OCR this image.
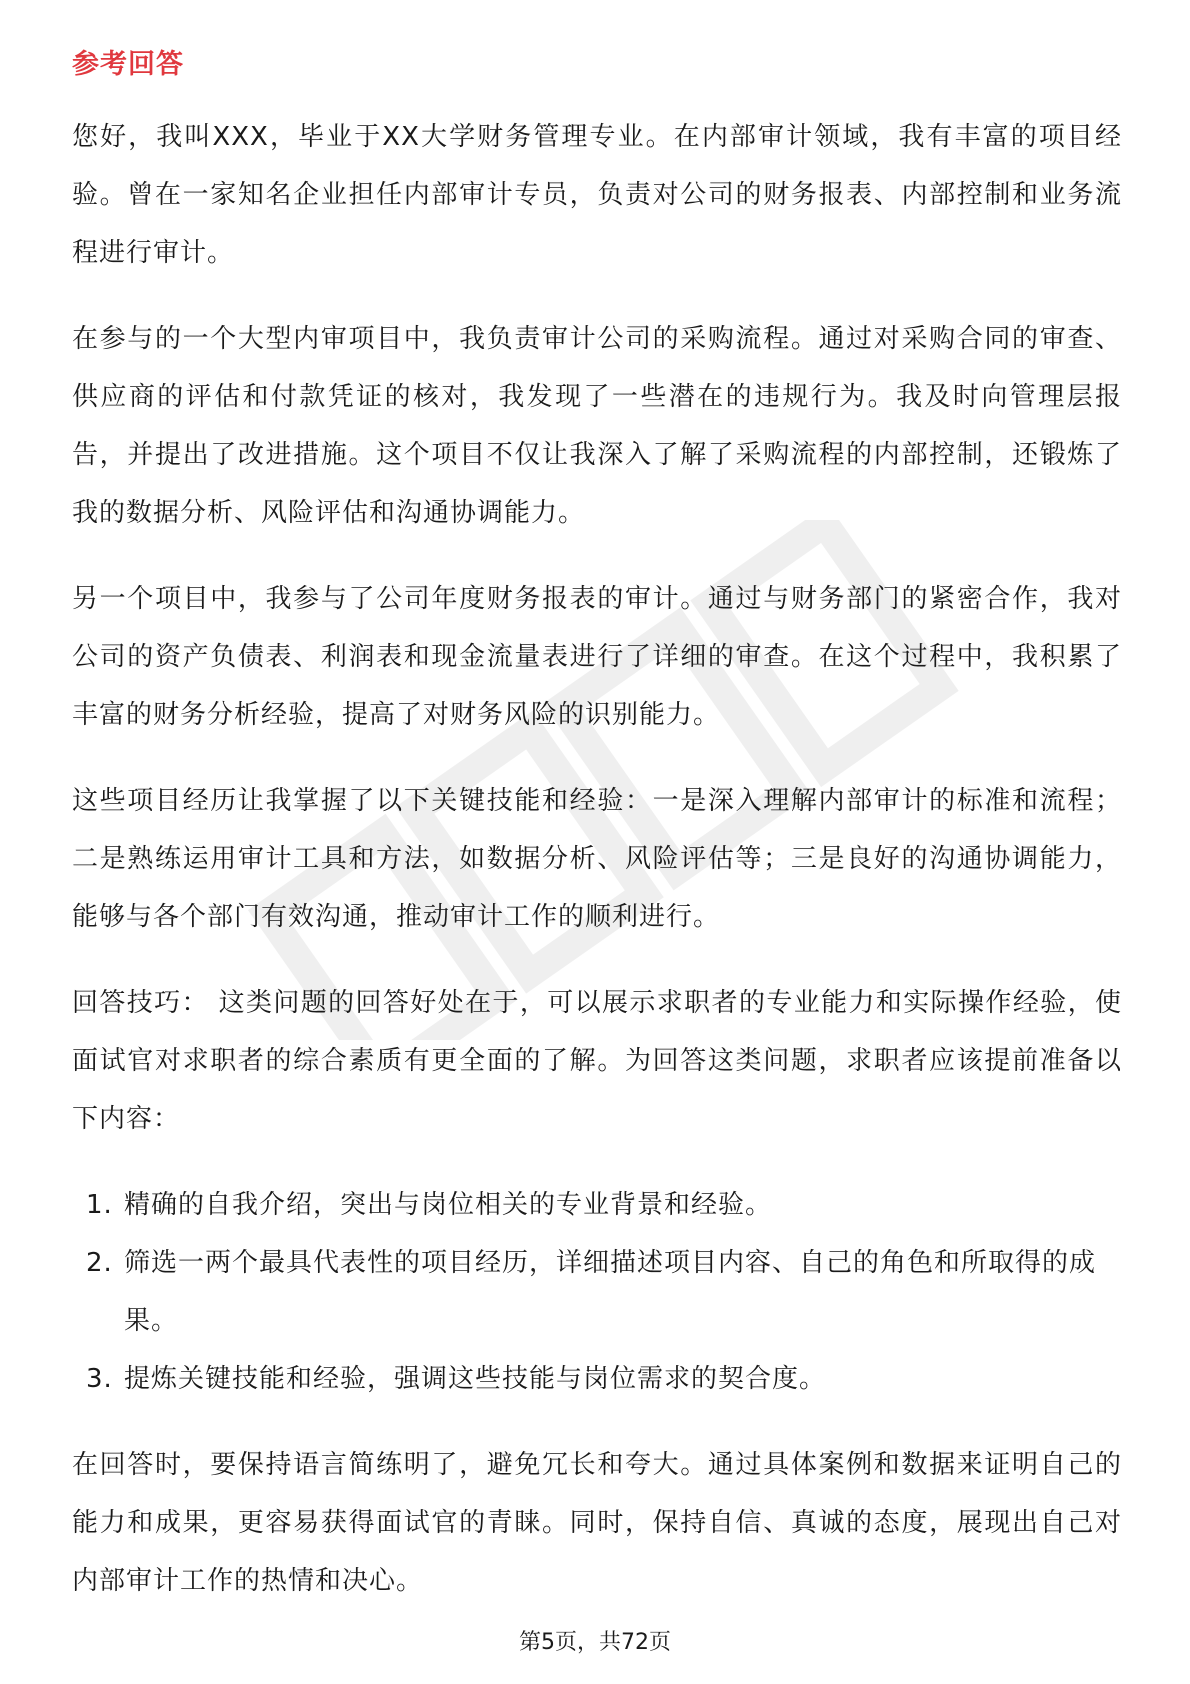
参考回答

您好，我叫XXX，毕业于XX大学财务管理专业。在内部审计领域，我有丰富的项目经验。曾在一家知名企业担任内部审计专员，负责对公司的财务报表、内部控制和业务流程进行审计。

在参与的一个大型内审项目中，我负责审计公司的采购流程。通过对采购合同的审查、供应商的评估和付款凭证的核对，我发现了一些潜在的违规行为。我及时向管理层报告，并提出了改进措施。这个项目不仅让我深入了解了采购流程的内部控制，还锻炼了我的数据分析、风险评估和沟通协调能力。

另一个项目中，我参与了公司年度财务报表的审计。通过与财务部门的紧密合作，我对公司的资产负债表、利润表和现金流量表进行了详细的审查。在这个过程中，我积累了丰富的财务分析经验，提高了对财务风险的识别能力。

这些项目经历让我掌握了以下关键技能和经验：一是深入理解内部审计的标准和流程；二是熟练运用审计工具和方法，如数据分析、风险评估等；三是良好的沟通协调能力，能够与各个部门有效沟通，推动审计工作的顺利进行。

回答技巧： 这类问题的回答好处在于，可以展示求职者的专业能力和实际操作经验，使面试官对求职者的综合素质有更全面的了解。为回答这类问题，求职者应该提前准备以下内容：

1. 精确的自我介绍，突出与岗位相关的专业背景和经验。
2. 筛选一两个最具代表性的项目经历，详细描述项目内容、自己的角色和所取得的成果。
3. 提炼关键技能和经验，强调这些技能与岗位需求的契合度。

在回答时，要保持语言简练明了，避免冗长和夸大。通过具体案例和数据来证明自己的能力和成果，更容易获得面试官的青睐。同时，保持自信、真诚的态度，展现出自己对内部审计工作的热情和决心。

第5页，共72页
